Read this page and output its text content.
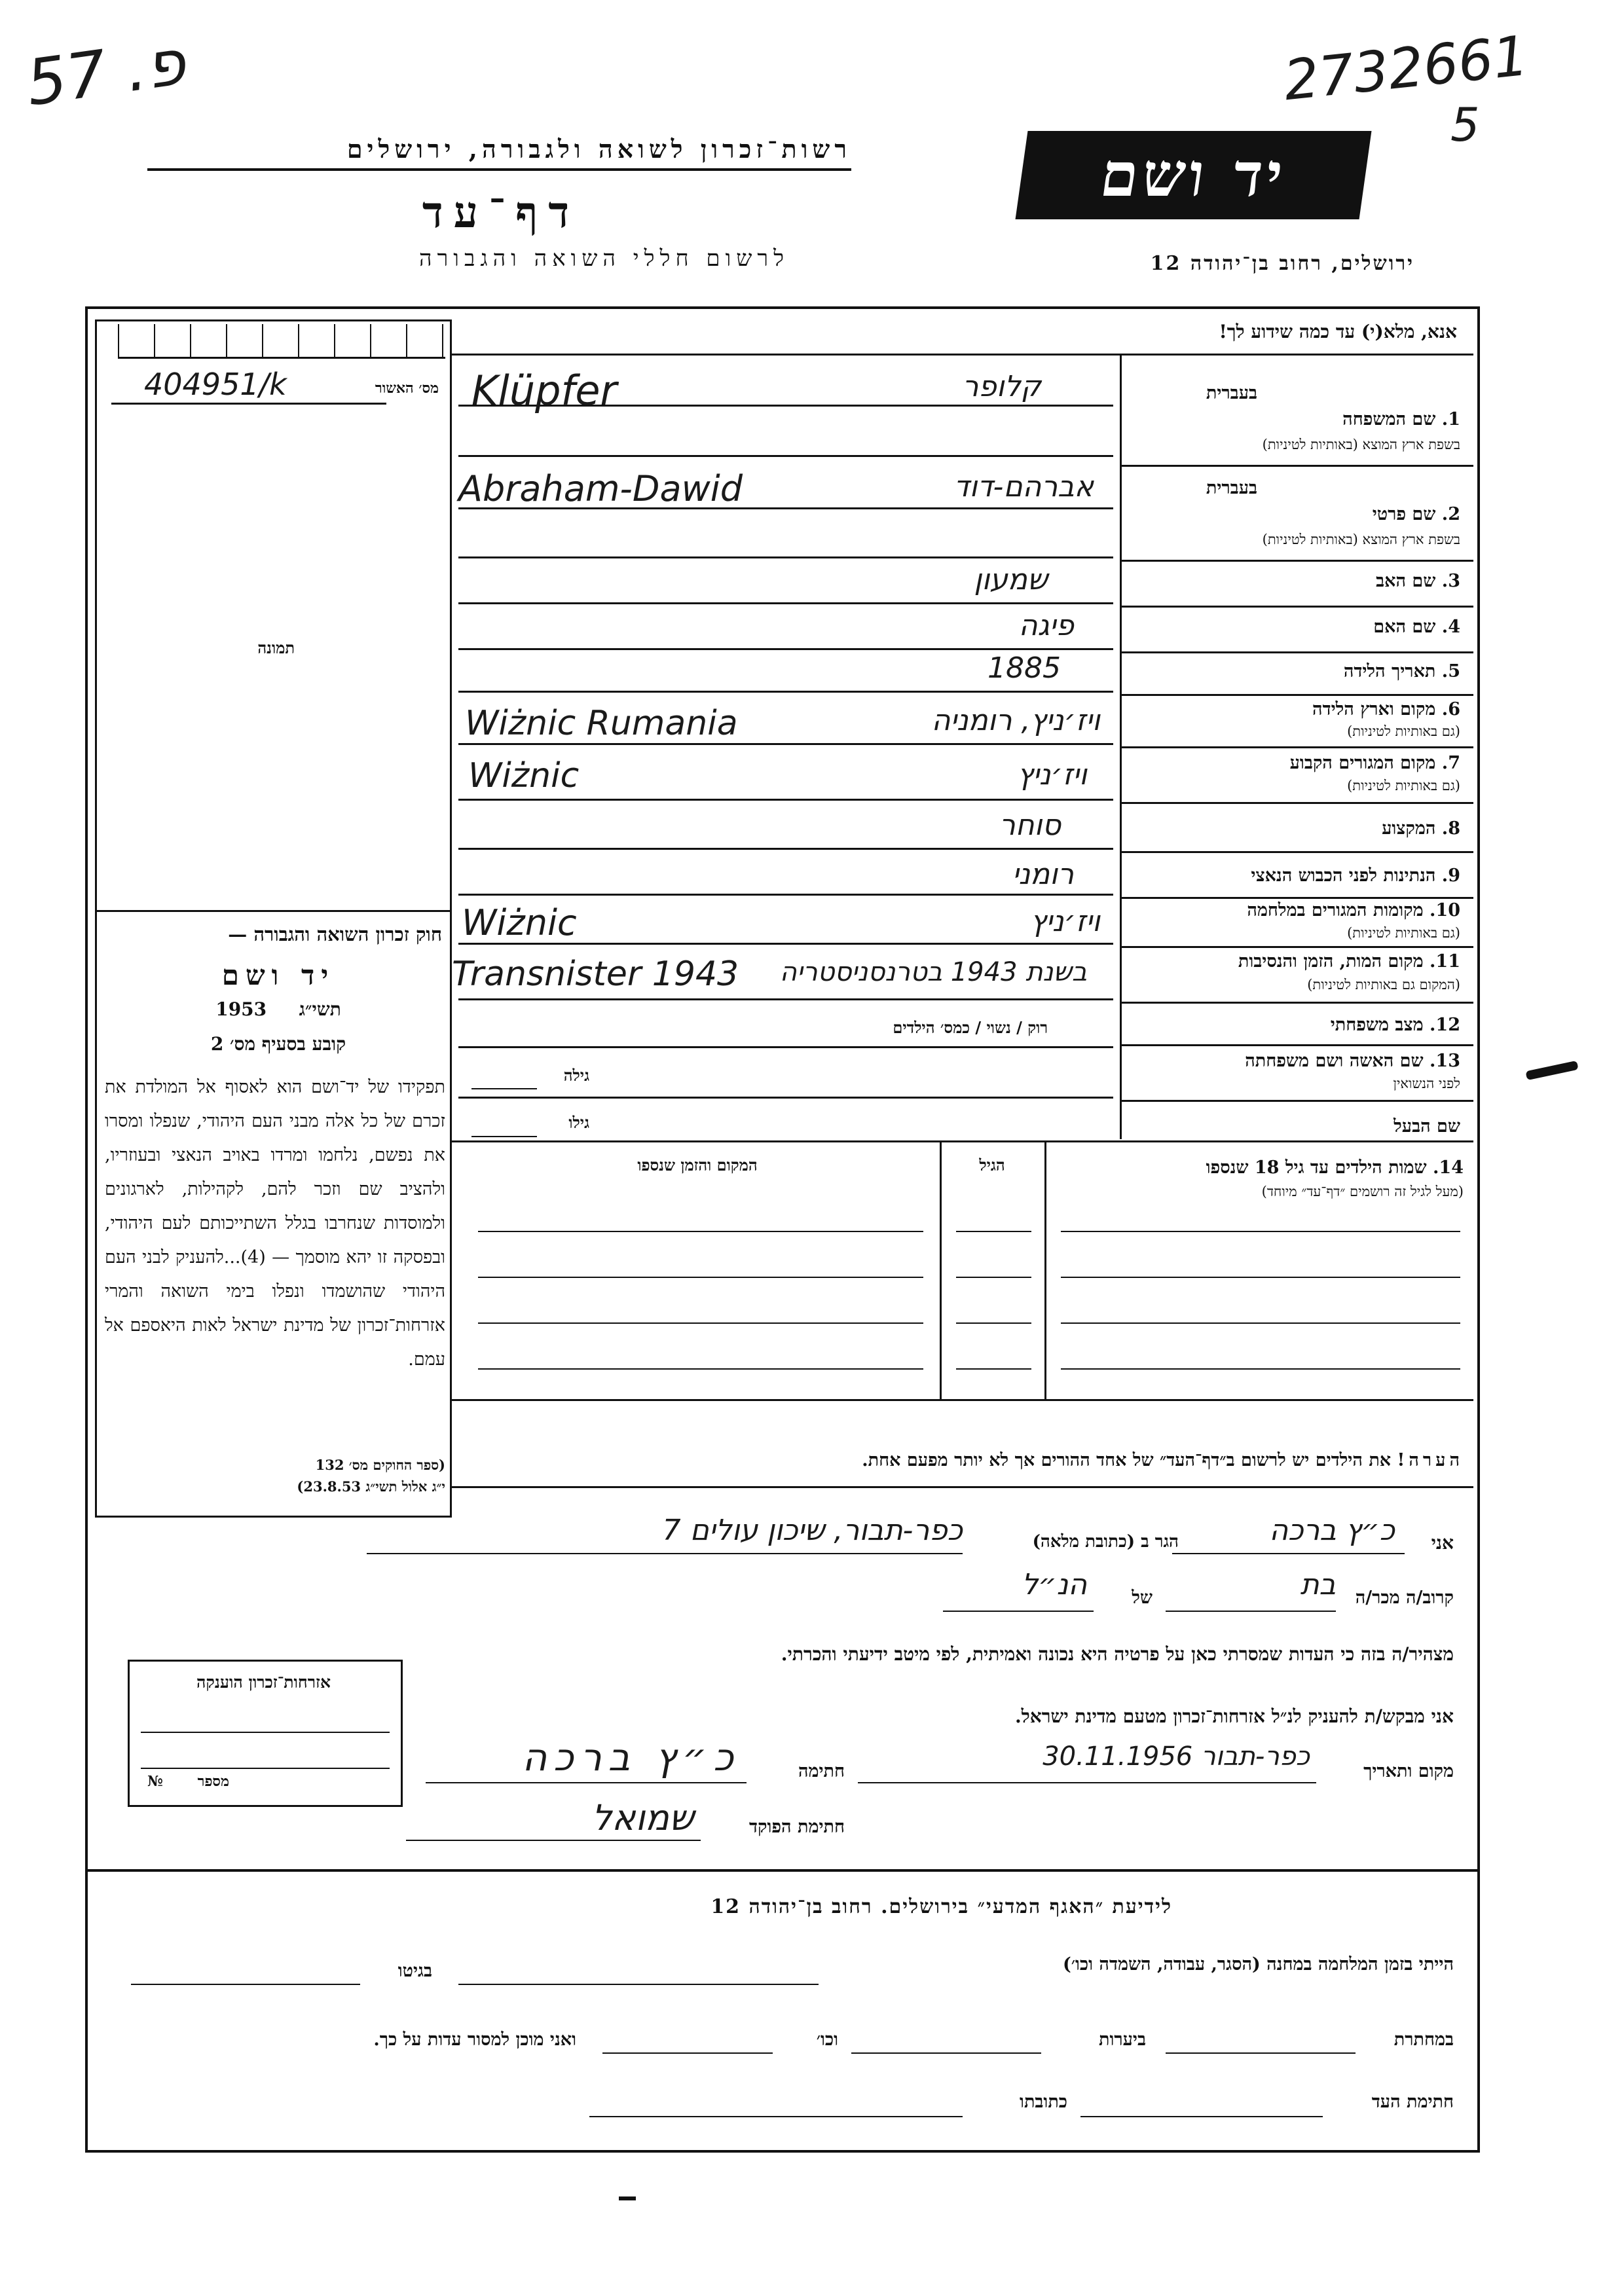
פ. 57	2732661
5
רשות־זכרון לשואה ולגבורה, ירושלים
דף־עד
לרשום חללי השואה והגבורה
יד ושם
ירושלים, רחוב בן־יהודה 12
404951/k	מס׳ האשור
תמונה
חוק זכרון השואה והגבורה —
יד ושם
1953 תשי״ג
קובע בסעיף מס׳ 2
תפקידו של יד־ושם הוא לאסוף אל המולדת את זכרם של כל אלה מבני העם היהודי, שנפלו ומסרו את נפשם, נלחמו ומרדו באויב הנאצי ובעוזריו, ולהציב שם וזכר להם, לקהילות, לארגונים ולמוסדות שנחרבו בגלל השתייכותם לעם היהודי, ובפסקה זו יהא מוסמך — (4)...להעניק לבני העם היהודי שהושמדו ונפלו בימי השואה והמרי אזרחות־זכרון של מדינת ישראל לאות היאספם אל עמם.
(ספר החוקים מס׳ 132
י״ג אלול תשי״ג 23.8.53)
אנא, מלא(י) עד כמה שידוע לך!
בעברית
1. שם המשפחה
בשפת ארץ המוצא (באותיות לטיניות)
Klüpfer	קלופר
בעברית
2. שם פרטי
בשפת ארץ המוצא (באותיות לטיניות)
Abraham-Dawid	אברהם-דוד
3. שם האב
שמעון
4. שם האם
פיגה
5. תאריך הלידה
1885
6. מקום וארץ הלידה
(גם באותיות לטיניות)
Wiżnic Rumania	ויז׳ניץ, רומניה
7. מקום המגורים הקבוע
(גם באותיות לטיניות)
Wiżnic	ויז׳ניץ
8. המקצוע
סוחר
9. הנתינות לפני הכבוש הנאצי
רומני
10. מקומות המגורים במלחמה
(גם באותיות לטיניות)
Wiżnic	ויז׳ניץ
11. מקום המות, הזמן והנסיבות
(המקום גם באותיות לטיניות)
Transnister 1943	בשנת 1943 בטרנסניסטריה
12. מצב משפחתי
רוק / נשוי / כמס׳ הילדים
13. שם האשה ושם משפחתה
לפני הנשואין
גילה
שם הבעל
גילו
14. שמות הילדים עד גיל 18 שנספו
(מעל לגיל זה רושמים ״דף־עד״ מיוחד)
הגיל
המקום והזמן שנספו
הערה! את הילדים יש לרשום ב״דף־העד״ של אחד ההורים אך לא יותר מפעם אחת.
אני
כ״ץ ברכה
הגר ב (כתובת מלאה)
כפר-תבור, שיכון עולים 7
קרוב/ה מכר/ה
בת
של
הנ״ל
מצהיר/ה בזה כי העדות שמסרתי כאן על פרטיה היא נכונה ואמיתית, לפי מיטב ידיעתי והכרתי.
אני מבקש/ת להעניק לנ״ל אזרחות־זכרון מטעם מדינת ישראל.
מקום ותאריך
כפר-תבור 30.11.1956
חתימה
כ״ץ ברכה
חתימת הפוקד
שמואל
אזרחות־זכרון הוענקה
№	מספר
לידיעת ״האגף המדעי״ בירושלים. רחוב בן־יהודה 12
הייתי בזמן המלחמה במחנה (הסגר, עבודה, השמדה וכו׳)
בגיטו
במחתרת
ביערות
וכו׳
ואני מוכן למסור עדות על כך.
חתימת העד
כתובתו
